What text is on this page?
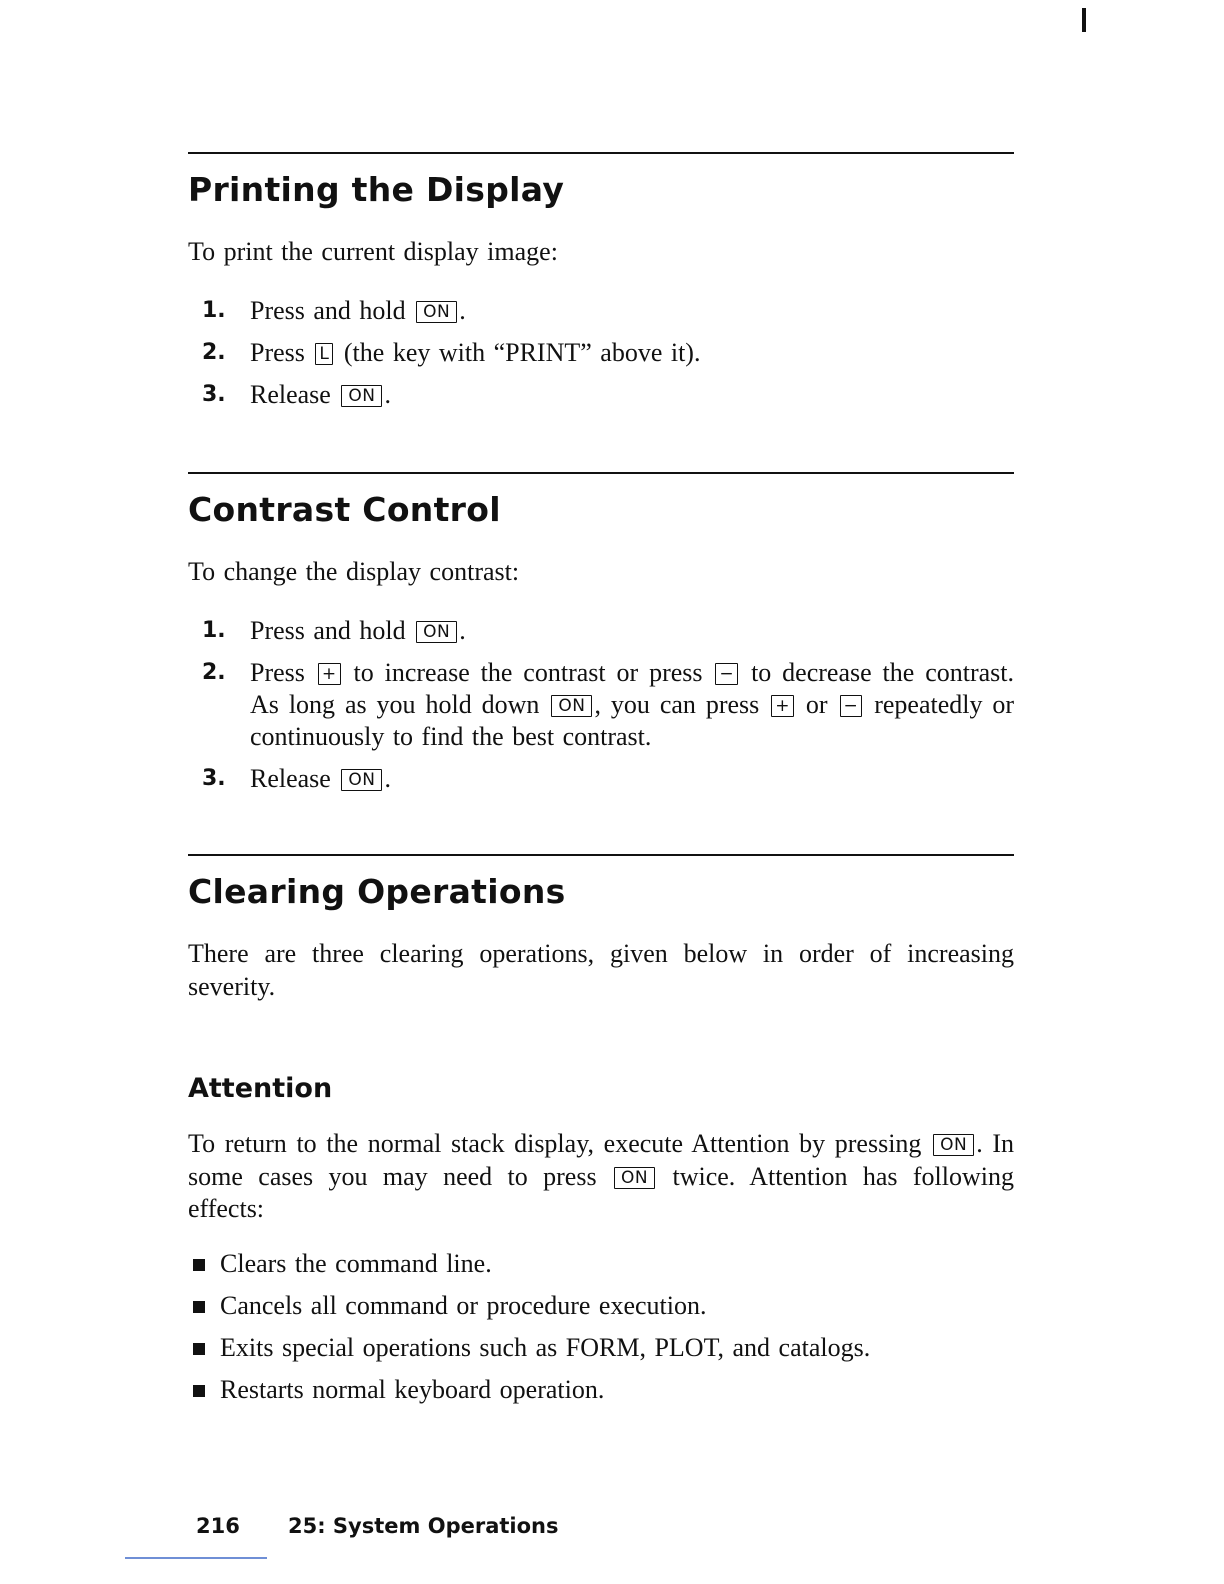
Printing the Display

To print the current display image:

1. Press and hold ON .
2. Press L (the key with “PRINT” above it).
3. Release ON .
Contrast Control

To change the display contrast:

1. Press and hold ON .
2. Press + to increase the contrast or press − to decrease the contrast. As long as you hold down ON , you can press + or − repeatedly or continuously to find the best contrast.
3. Release ON .
Clearing Operations

There are three clearing operations, given below in order of increasing severity.

Attention

To return to the normal stack display, execute Attention by pressing ON . In some cases you may need to press ON twice. Attention has following effects:

Clears the command line.
Cancels all command or procedure execution.
Exits special operations such as FORM, PLOT, and catalogs.
Restarts normal keyboard operation.
216 25: System Operations
